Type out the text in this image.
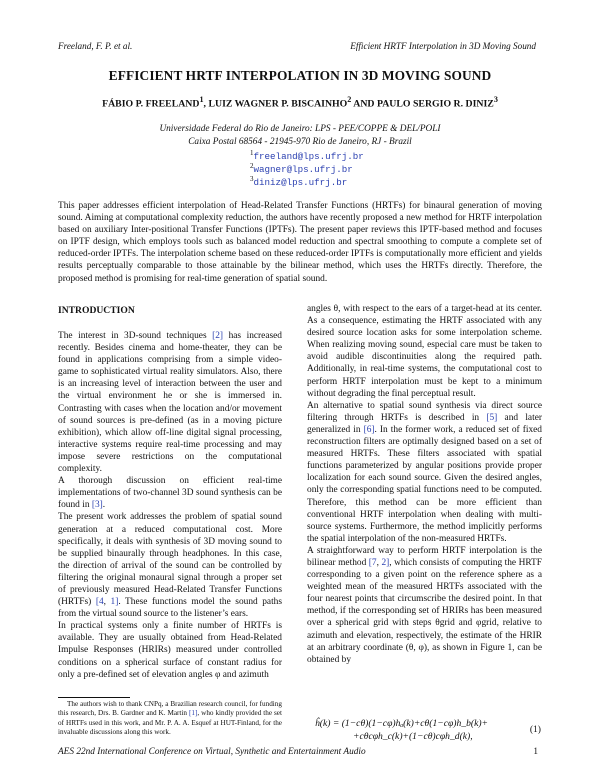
Freeland, F. P. et al.	Efficient HRTF Interpolation in 3D Moving Sound
EFFICIENT HRTF INTERPOLATION IN 3D MOVING SOUND
FÁBIO P. FREELAND$^1$, LUIZ WAGNER P. BISCAINHO$^2$ AND PAULO SERGIO R. DINIZ$^3$
Universidade Federal do Rio de Janeiro: LPS - PEE/COPPE & DEL/POLI
Caixa Postal 68564 - 21945-970 Rio de Janeiro, RJ - Brazil
$^1$freeland@lps.ufrj.br
$^2$wagner@lps.ufrj.br
$^3$diniz@lps.ufrj.br
This paper addresses efficient interpolation of Head-Related Transfer Functions (HRTFs) for binaural generation of moving sound. Aiming at computational complexity reduction, the authors have recently proposed a new method for HRTF interpolation based on auxiliary Inter-positional Transfer Functions (IPTFs). The present paper reviews this IPTF-based method and focuses on IPTF design, which employs tools such as balanced model reduction and spectral smoothing to compute a complete set of reduced-order IPTFs. The interpolation scheme based on these reduced-order IPTFs is computationally more efficient and yields results perceptually comparable to those attainable by the bilinear method, which uses the HRTFs directly. Therefore, the proposed method is promising for real-time generation of spatial sound.
INTRODUCTION

The interest in 3D-sound techniques [2] has increased recently. Besides cinema and home-theater, they can be found in applications comprising from a simple video-game to sophisticated virtual reality simulators. Also, there is an increasing level of interaction between the user and the virtual environment he or she is immersed in. Contrasting with cases when the location and/or movement of sound sources is pre-defined (as in a moving picture exhibition), which allow off-line digital signal processing, interactive systems require real-time processing and may impose severe restrictions on the computational complexity.

A thorough discussion on efficient real-time implementations of two-channel 3D sound synthesis can be found in [3].

The present work addresses the problem of spatial sound generation at a reduced computational cost. More specifically, it deals with synthesis of 3D moving sound to be supplied binaurally through headphones. In this case, the direction of arrival of the sound can be controlled by filtering the original monaural signal through a proper set of previously measured Head-Related Transfer Functions (HRTFs) [4, 1]. These functions model the sound paths from the virtual sound source to the listener’s ears.

In practical systems only a finite number of HRTFs is available. They are usually obtained from Head-Related Impulse Responses (HRIRs) measured under controlled conditions on a spherical surface of constant radius for only a pre-defined set of elevation angles φ and azimuth

angles θ, with respect to the ears of a target-head at its center. As a consequence, estimating the HRTF associated with any desired source location asks for some interpolation scheme. When realizing moving sound, especial care must be taken to avoid audible discontinuities along the required path. Additionally, in real-time systems, the computational cost to perform HRTF interpolation must be kept to a minimum without degrading the final perceptual result.

An alternative to spatial sound synthesis via direct source filtering through HRTFs is described in [5] and later generalized in [6]. In the former work, a reduced set of fixed reconstruction filters are optimally designed based on a set of measured HRTFs. These filters associated with spatial functions parameterized by angular positions provide proper localization for each sound source. Given the desired angles, only the corresponding spatial functions need to be computed. Therefore, this method can be more efficient than conventional HRTF interpolation when dealing with multi-source systems. Furthermore, the method implicitly performs the spatial interpolation of the non-measured HRTFs.

A straightforward way to perform HRTF interpolation is the bilinear method [7, 2], which consists of computing the HRTF corresponding to a given point on the reference sphere as a weighted mean of the measured HRTFs associated with the four nearest points that circumscribe the desired point. In that method, if the corresponding set of HRIRs has been measured over a spherical grid with steps θgrid and φgrid, relative to azimuth and elevation, respectively, the estimate of the HRIR at an arbitrary coordinate (θ, φ), as shown in Figure 1, can be obtained by

The authors wish to thank CNPq, a Brazilian research council, for funding this research, Drs. B. Gardner and K. Martin [1], who kindly provided the set of HRTFs used in this work, and Mr. P. A. A. Esquef at HUT-Finland, for the invaluable discussions along this work.
ĥ(k) = (1−cθ)(1−cφ)hₐ(k)+cθ(1−cφ)h_b(k)+
+cθcφh_c(k)+(1−cθ)cφh_d(k),
(1)
AES 22nd International Conference on Virtual, Synthetic and Entertainment Audio	1
